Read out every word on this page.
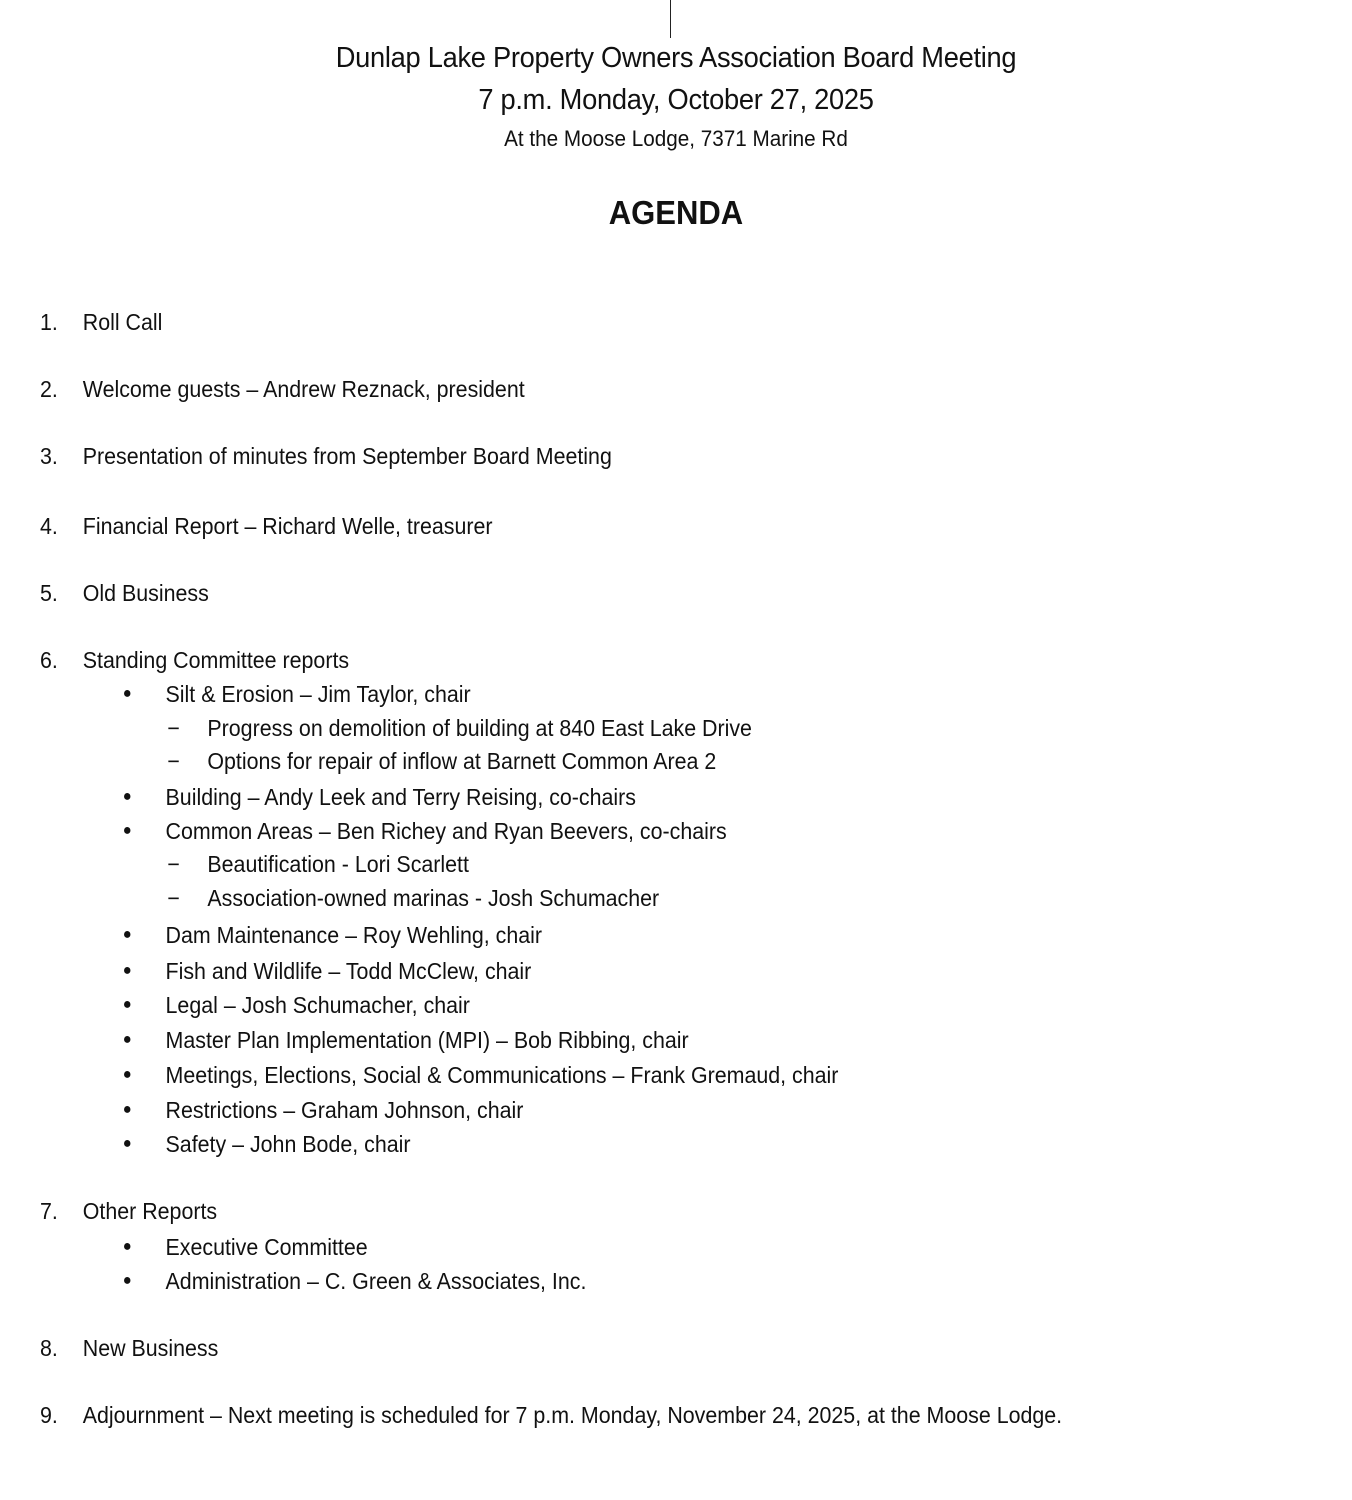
Dunlap Lake Property Owners Association Board Meeting
7 p.m. Monday, October 27, 2025
At the Moose Lodge, 7371 Marine Rd
AGENDA
1. Roll Call
2. Welcome guests – Andrew Reznack, president
3. Presentation of minutes from September Board Meeting
4. Financial Report – Richard Welle, treasurer
5. Old Business
6. Standing Committee reports
● Silt & Erosion – Jim Taylor, chair
− Progress on demolition of building at 840 East Lake Drive
− Options for repair of inflow at Barnett Common Area 2
● Building – Andy Leek and Terry Reising, co-chairs
● Common Areas – Ben Richey and Ryan Beevers, co-chairs
− Beautification - Lori Scarlett
− Association-owned marinas - Josh Schumacher
● Dam Maintenance – Roy Wehling, chair
● Fish and Wildlife – Todd McClew, chair
● Legal – Josh Schumacher, chair
● Master Plan Implementation (MPI) – Bob Ribbing, chair
● Meetings, Elections, Social & Communications – Frank Gremaud, chair
● Restrictions – Graham Johnson, chair
● Safety – John Bode, chair
7. Other Reports
● Executive Committee
● Administration – C. Green & Associates, Inc.
8. New Business
9. Adjournment – Next meeting is scheduled for 7 p.m. Monday, November 24, 2025, at the Moose Lodge.
